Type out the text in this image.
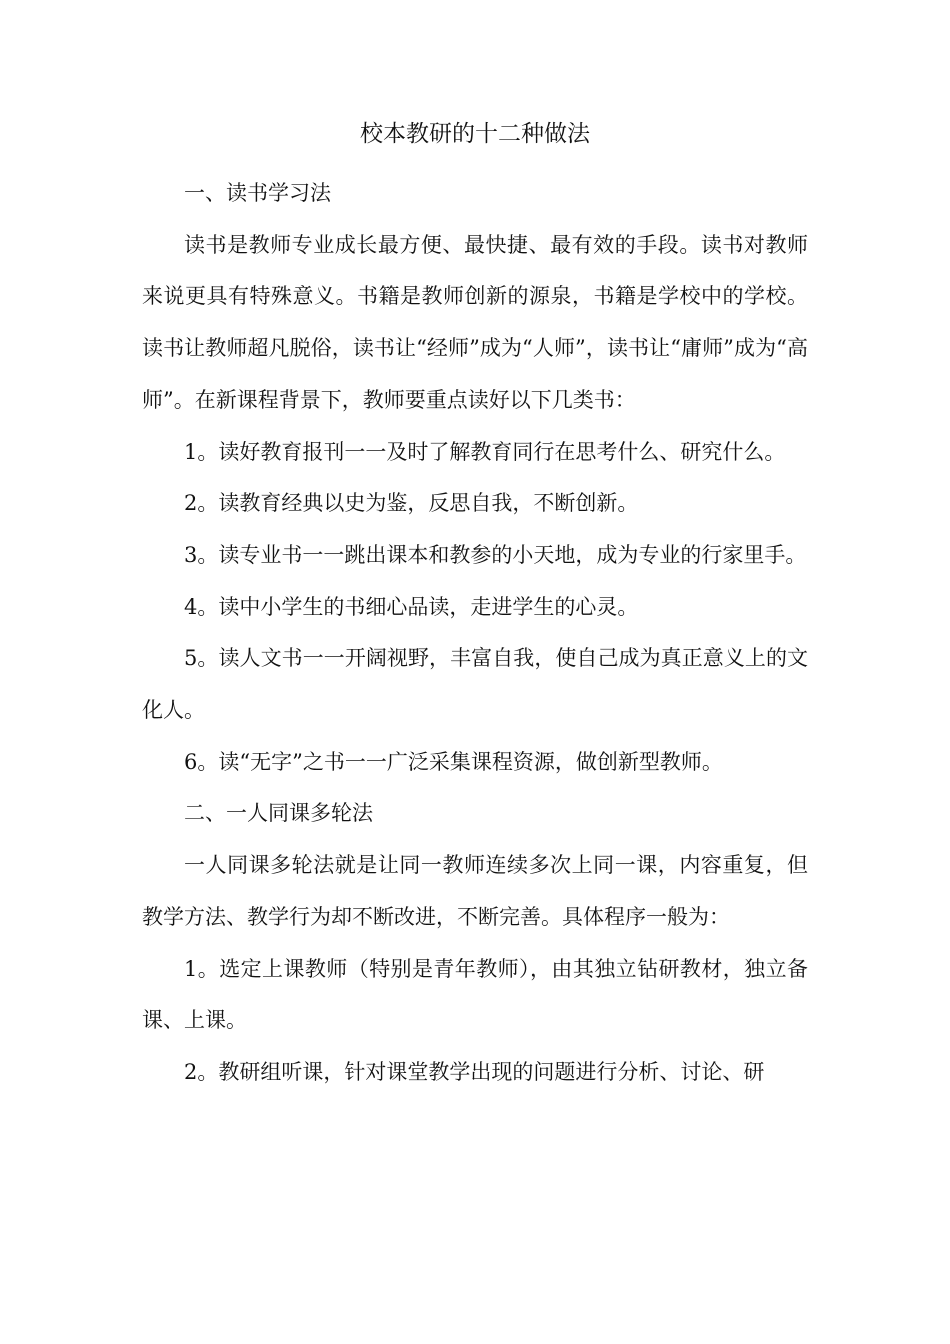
校本教研的十二种做法

一、读书学习法

读书是教师专业成长最方便、最快捷、最有效的手段。读书对教师来说更具有特殊意义。书籍是教师创新的源泉，书籍是学校中的学校。读书让教师超凡脱俗，读书让“经师”成为“人师”，读书让“庸师”成为“高师”。在新课程背景下，教师要重点读好以下几类书：

1。读好教育报刊一一及时了解教育同行在思考什么、研究什么。

2。读教育经典以史为鉴，反思自我，不断创新。

3。读专业书一一跳出课本和教参的小天地，成为专业的行家里手。

4。读中小学生的书细心品读，走进学生的心灵。

5。读人文书一一开阔视野，丰富自我，使自己成为真正意义上的文化人。

6。读“无字”之书一一广泛采集课程资源，做创新型教师。

二、一人同课多轮法

一人同课多轮法就是让同一教师连续多次上同一课，内容重复，但教学方法、教学行为却不断改进，不断完善。具体程序一般为：

1。选定上课教师（特别是青年教师），由其独立钻研教材，独立备课、上课。

2。教研组听课，针对课堂教学出现的问题进行分析、讨论、研
